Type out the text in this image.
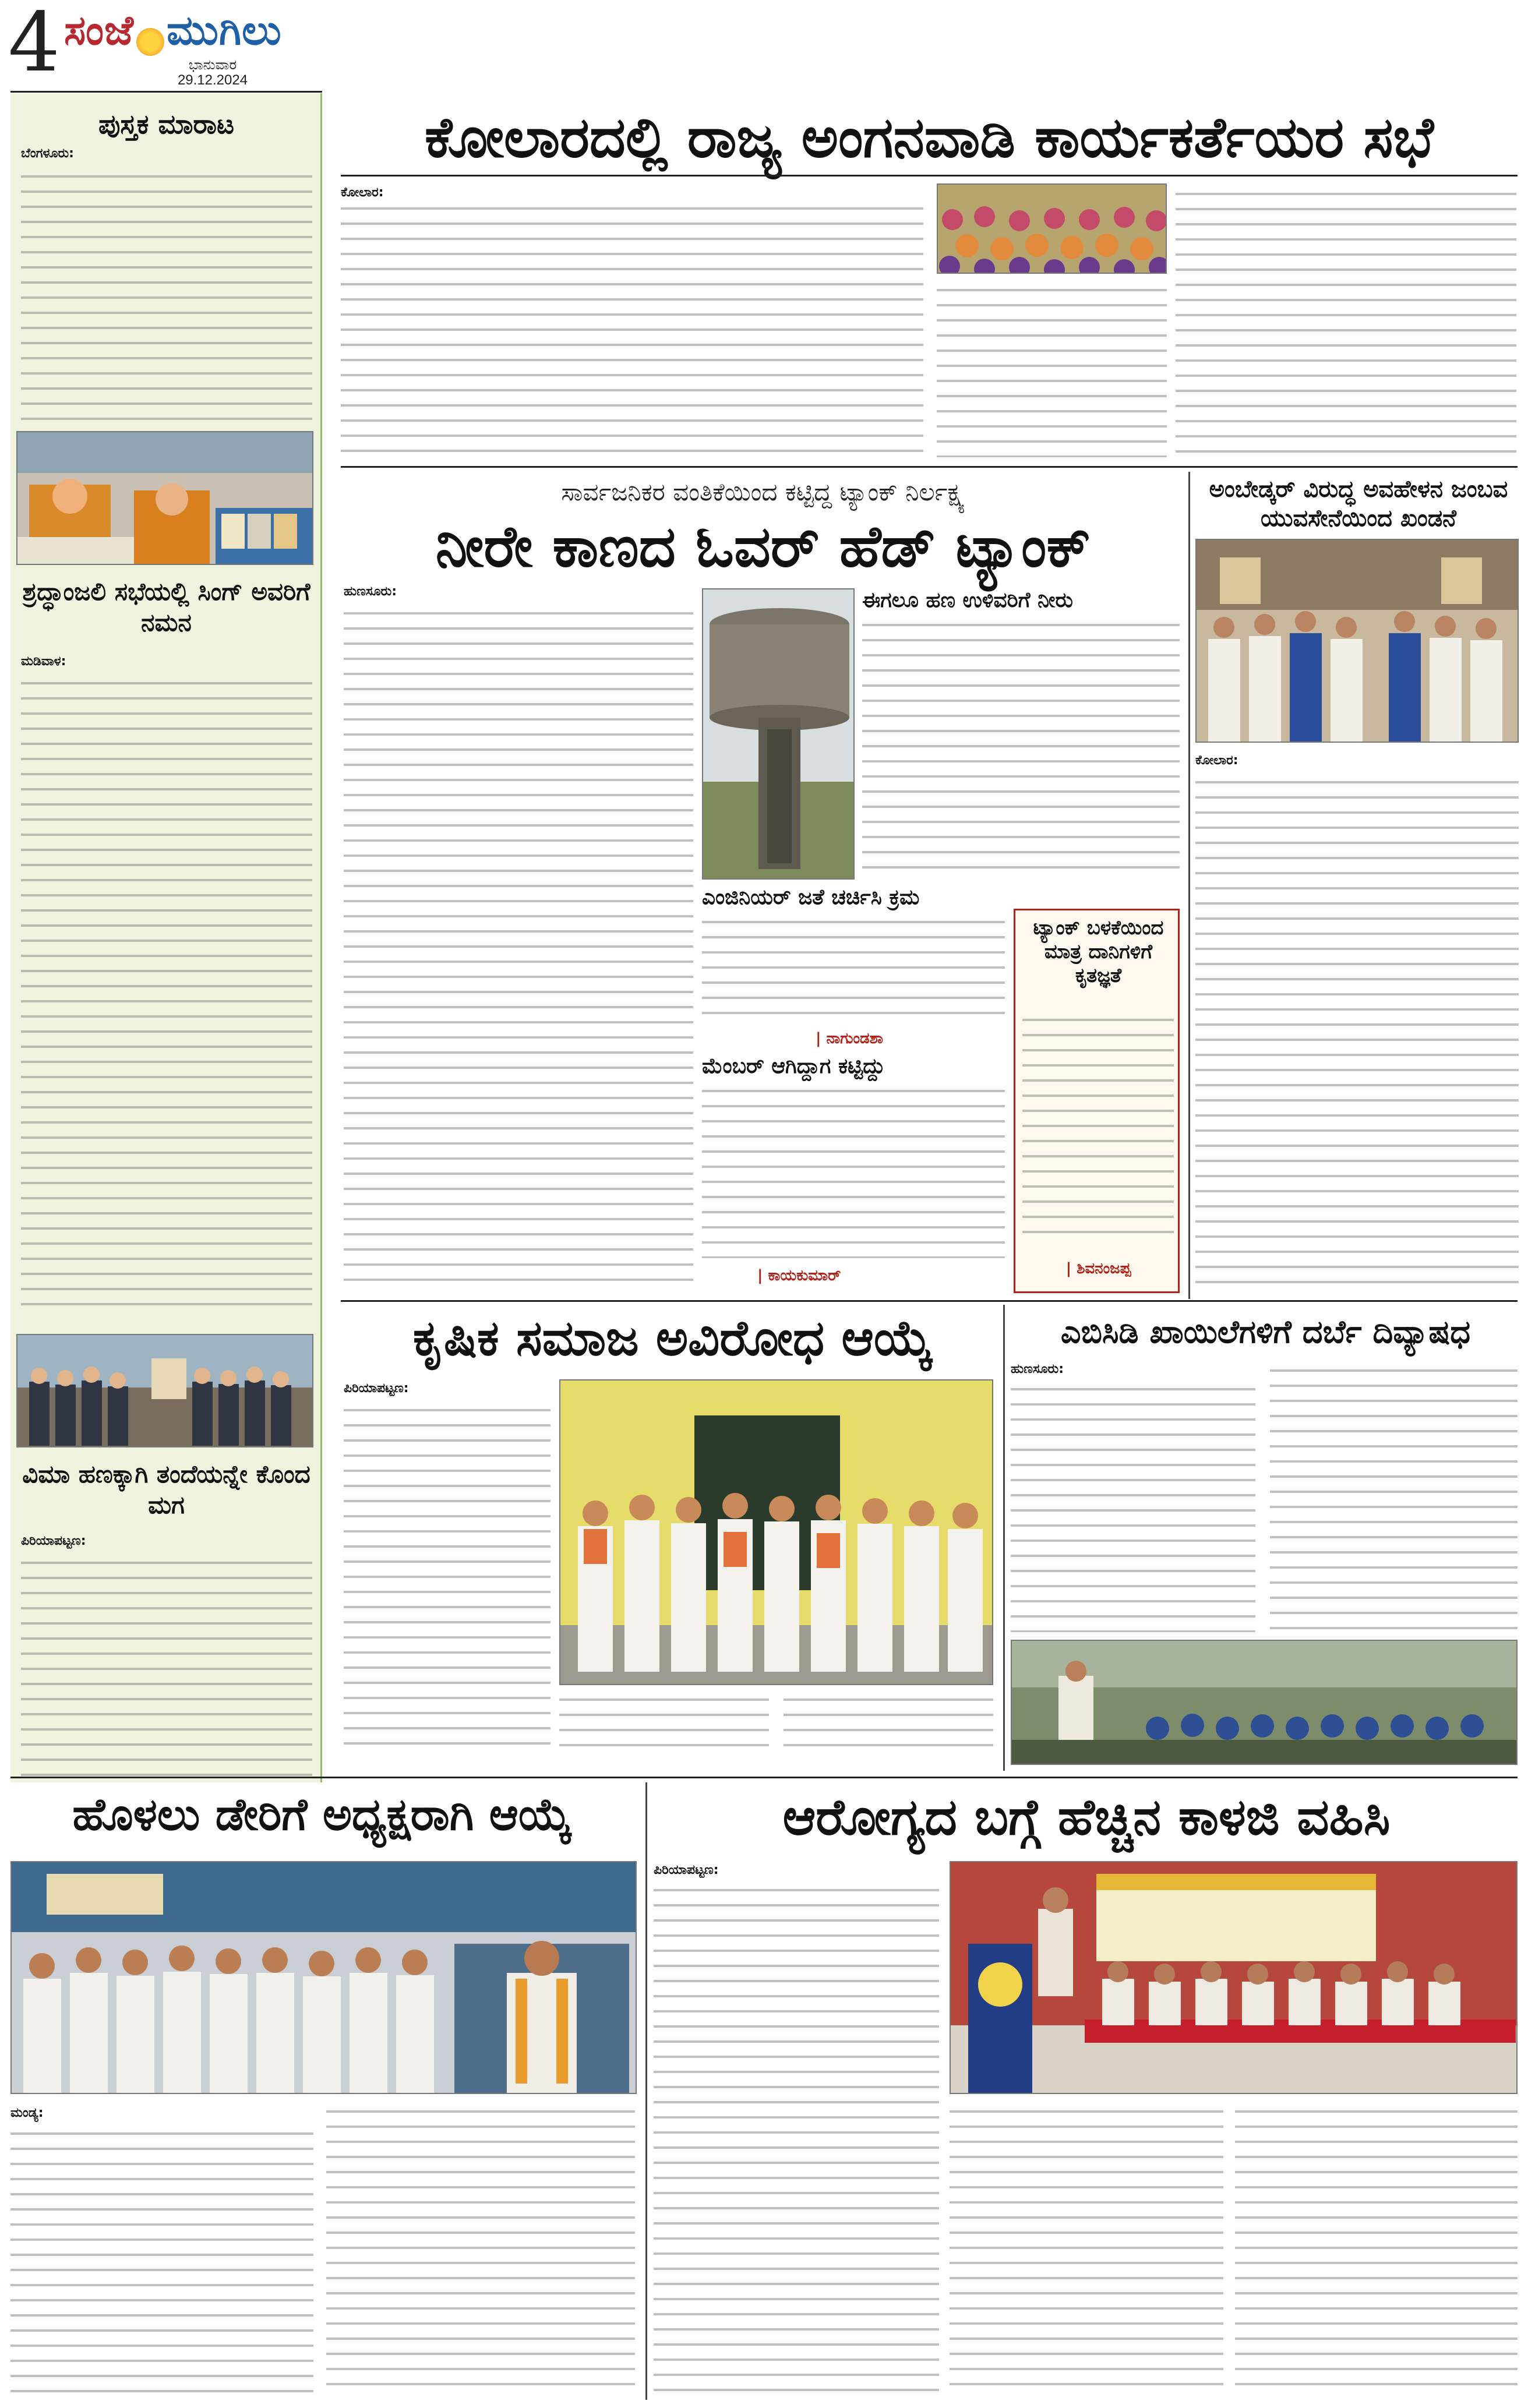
4 ಸಂಜೆ ಮುಗಿಲು
ಭಾನುವಾರ
29.12.2024
ಪುಸ್ತಕ ಮಾರಾಟ
ಬೆಂಗಳೂರು:
ಶ್ರದ್ಧಾಂಜಲಿ ಸಭೆಯಲ್ಲಿ ಸಿಂಗ್ ಅವರಿಗೆ ನಮನ
ಮಡಿವಾಳ:
ವಿಮಾ ಹಣಕ್ಕಾಗಿ ತಂದೆಯನ್ನೇ ಕೊಂದ ಮಗ
ಪಿರಿಯಾಪಟ್ಟಣ:
ಕೋಲಾರದಲ್ಲಿ ರಾಜ್ಯ ಅಂಗನವಾಡಿ ಕಾರ್ಯಕರ್ತೆಯರ ಸಭೆ
ಕೋಲಾರ:
ಸಾರ್ವಜನಿಕರ ವಂತಿಕೆಯಿಂದ ಕಟ್ಟಿದ್ದ ಟ್ಯಾಂಕ್ ನಿರ್ಲಕ್ಷ್ಯ
ನೀರೇ ಕಾಣದ ಓವರ್ ಹೆಡ್ ಟ್ಯಾಂಕ್
ಹುಣಸೂರು:	ಈಗಲೂ ಹಣ ಉಳಿವರಿಗೆ ನೀರು
ಎಂಜಿನಿಯರ್ ಜತೆ ಚರ್ಚಿಸಿ ಕ್ರಮ
| ನಾಗುಂಡಶಾ
ಮೆಂಬರ್ ಆಗಿದ್ದಾಗ ಕಟ್ಟಿದ್ದು
| ಕಾಯಕುಮಾರ್
ಟ್ಯಾಂಕ್ ಬಳಕೆಯಿಂದ ಮಾತ್ರ ದಾನಿಗಳಿಗೆ ಕೃತಜ್ಞತೆ
| ಶಿವನಂಜಪ್ಪ
ಅಂಬೇಡ್ಕರ್ ವಿರುದ್ಧ ಅವಹೇಳನ ಜಂಬವ ಯುವಸೇನೆಯಿಂದ ಖಂಡನೆ
ಕೋಲಾರ:
ಕೃಷಿಕ ಸಮಾಜ ಅವಿರೋಧ ಆಯ್ಕೆ
ಪಿರಿಯಾಪಟ್ಟಣ:
ಎಬಿಸಿಡಿ ಖಾಯಿಲೆಗಳಿಗೆ ದರ್ಬೆ ದಿವ್ಯಾಷಧ
ಹುಣಸೂರು:
ಹೊಳಲು ಡೇರಿಗೆ ಅಧ್ಯಕ್ಷರಾಗಿ ಆಯ್ಕೆ
ಮಂಡ್ಯ:
ಆರೋಗ್ಯದ ಬಗ್ಗೆ ಹೆಚ್ಚಿನ ಕಾಳಜಿ ವಹಿಸಿ
ಪಿರಿಯಾಪಟ್ಟಣ:
